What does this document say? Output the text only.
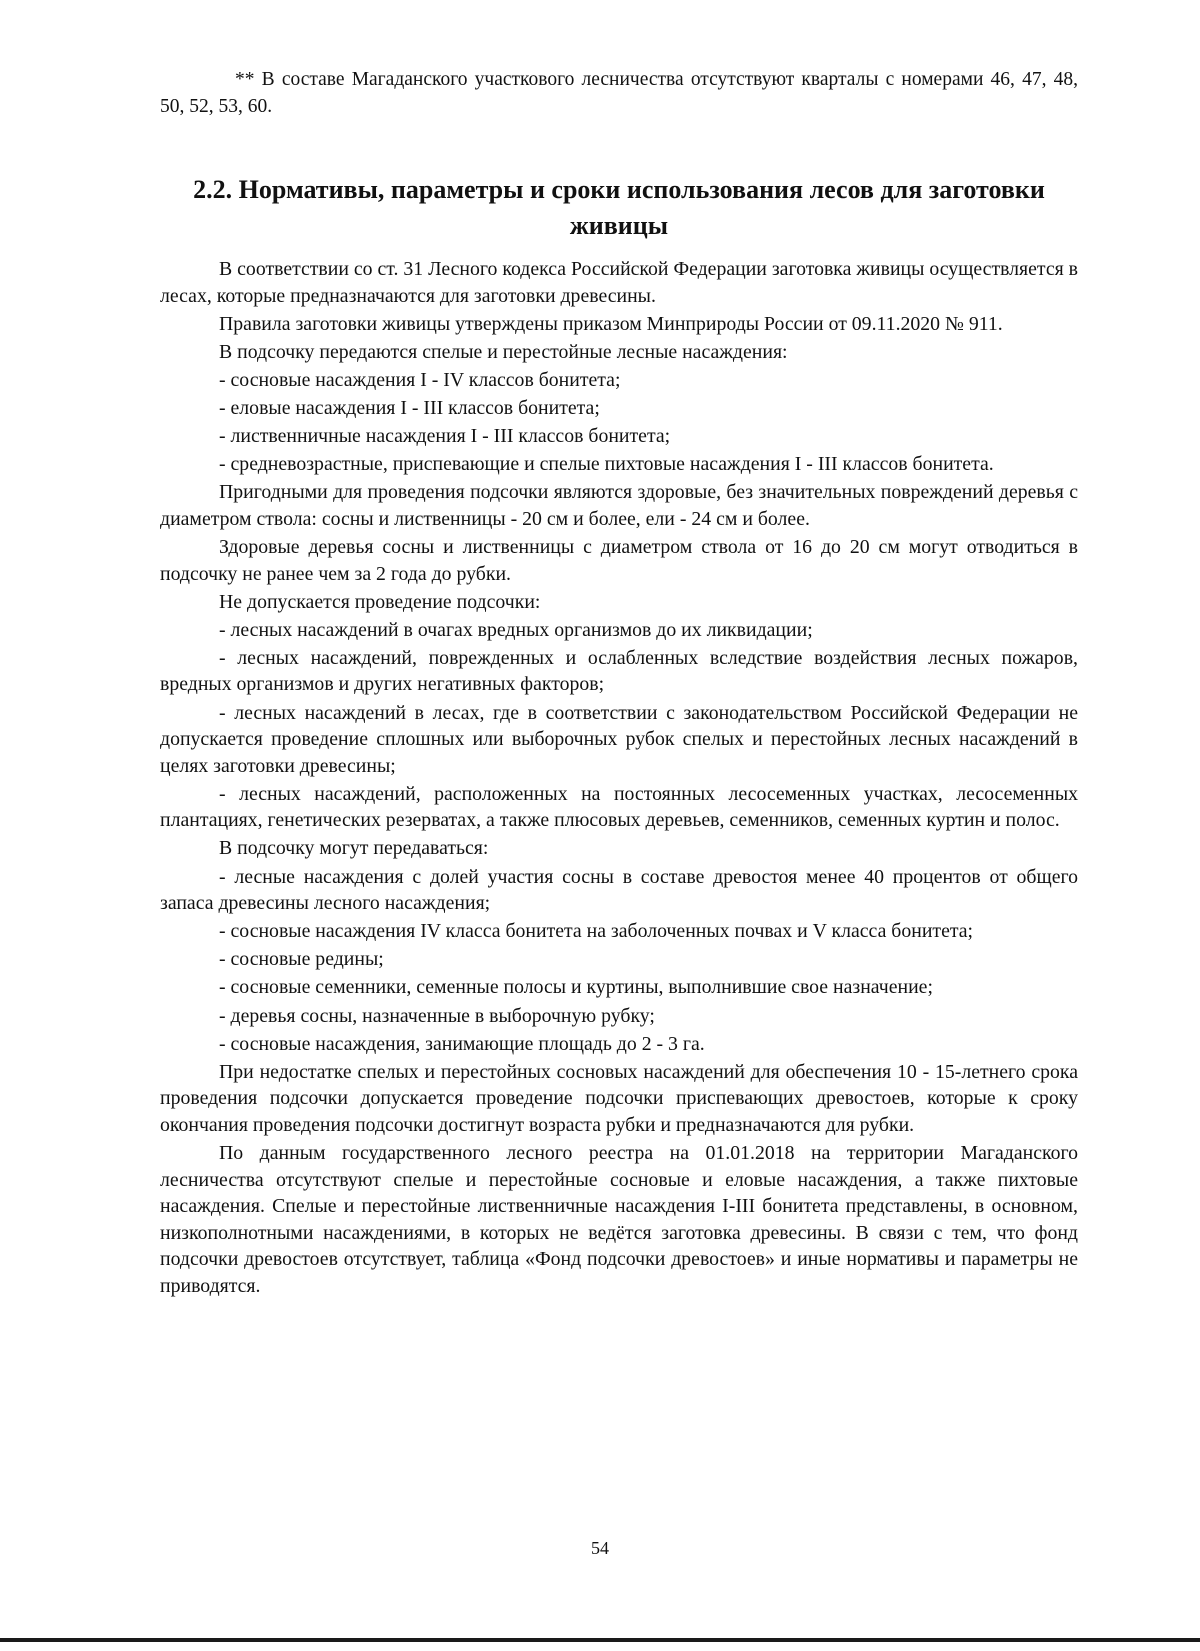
** В составе Магаданского участкового лесничества отсутствуют кварталы с номерами 46, 47, 48, 50, 52, 53, 60.

2.2. Нормативы, параметры и сроки использования лесов для заготовки живицы

В соответствии со ст. 31 Лесного кодекса Российской Федерации заготовка живицы осуществляется в лесах, которые предназначаются для заготовки древесины.

Правила заготовки живицы утверждены приказом Минприроды России от 09.11.2020 № 911.

В подсочку передаются спелые и перестойные лесные насаждения:

- сосновые насаждения I - IV классов бонитета;

- еловые насаждения I - III классов бонитета;

- лиственничные насаждения I - III классов бонитета;

- средневозрастные, приспевающие и спелые пихтовые насаждения I - III классов бонитета.

Пригодными для проведения подсочки являются здоровые, без значительных повреждений деревья с диаметром ствола: сосны и лиственницы - 20 см и более, ели - 24 см и более.

Здоровые деревья сосны и лиственницы с диаметром ствола от 16 до 20 см могут отводиться в подсочку не ранее чем за 2 года до рубки.

Не допускается проведение подсочки:

- лесных насаждений в очагах вредных организмов до их ликвидации;

- лесных насаждений, поврежденных и ослабленных вследствие воздействия лесных пожаров, вредных организмов и других негативных факторов;

- лесных насаждений в лесах, где в соответствии с законодательством Российской Федерации не допускается проведение сплошных или выборочных рубок спелых и перестойных лесных насаждений в целях заготовки древесины;

- лесных насаждений, расположенных на постоянных лесосеменных участках, лесосеменных плантациях, генетических резерватах, а также плюсовых деревьев, семенников, семенных куртин и полос.

В подсочку могут передаваться:

- лесные насаждения с долей участия сосны в составе древостоя менее 40 процентов от общего запаса древесины лесного насаждения;

- сосновые насаждения IV класса бонитета на заболоченных почвах и V класса бонитета;

- сосновые редины;

- сосновые семенники, семенные полосы и куртины, выполнившие свое назначение;

- деревья сосны, назначенные в выборочную рубку;

- сосновые насаждения, занимающие площадь до 2 - 3 га.

При недостатке спелых и перестойных сосновых насаждений для обеспечения 10 - 15-летнего срока проведения подсочки допускается проведение подсочки приспевающих древостоев, которые к сроку окончания проведения подсочки достигнут возраста рубки и предназначаются для рубки.

По данным государственного лесного реестра на 01.01.2018 на территории Магаданского лесничества отсутствуют спелые и перестойные сосновые и еловые насаждения, а также пихтовые насаждения. Спелые и перестойные лиственничные насаждения I-III бонитета представлены, в основном, низкополнотными насаждениями, в которых не ведётся заготовка древесины. В связи с тем, что фонд подсочки древостоев отсутствует, таблица «Фонд подсочки древостоев» и иные нормативы и параметры не приводятся.

54
